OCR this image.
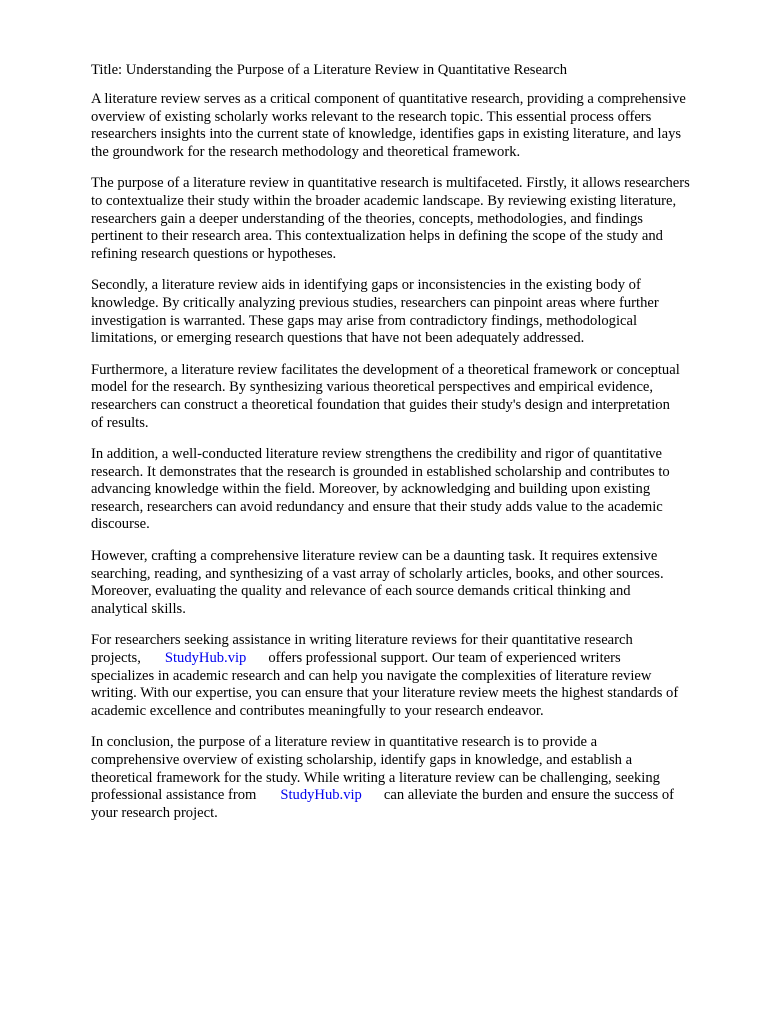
Title: Understanding the Purpose of a Literature Review in Quantitative Research

A literature review serves as a critical component of quantitative research, providing a comprehensive
overview of existing scholarly works relevant to the research topic. This essential process offers
researchers insights into the current state of knowledge, identifies gaps in existing literature, and lays
the groundwork for the research methodology and theoretical framework.

The purpose of a literature review in quantitative research is multifaceted. Firstly, it allows researchers
to contextualize their study within the broader academic landscape. By reviewing existing literature,
researchers gain a deeper understanding of the theories, concepts, methodologies, and findings
pertinent to their research area. This contextualization helps in defining the scope of the study and
refining research questions or hypotheses.

Secondly, a literature review aids in identifying gaps or inconsistencies in the existing body of
knowledge. By critically analyzing previous studies, researchers can pinpoint areas where further
investigation is warranted. These gaps may arise from contradictory findings, methodological
limitations, or emerging research questions that have not been adequately addressed.

Furthermore, a literature review facilitates the development of a theoretical framework or conceptual
model for the research. By synthesizing various theoretical perspectives and empirical evidence,
researchers can construct a theoretical foundation that guides their study's design and interpretation
of results.

In addition, a well-conducted literature review strengthens the credibility and rigor of quantitative
research. It demonstrates that the research is grounded in established scholarship and contributes to
advancing knowledge within the field. Moreover, by acknowledging and building upon existing
research, researchers can avoid redundancy and ensure that their study adds value to the academic
discourse.

However, crafting a comprehensive literature review can be a daunting task. It requires extensive
searching, reading, and synthesizing of a vast array of scholarly articles, books, and other sources.
Moreover, evaluating the quality and relevance of each source demands critical thinking and
analytical skills.

For researchers seeking assistance in writing literature reviews for their quantitative research
projects, StudyHub.vip offers professional support. Our team of experienced writers
specializes in academic research and can help you navigate the complexities of literature review
writing. With our expertise, you can ensure that your literature review meets the highest standards of
academic excellence and contributes meaningfully to your research endeavor.

In conclusion, the purpose of a literature review in quantitative research is to provide a
comprehensive overview of existing scholarship, identify gaps in knowledge, and establish a
theoretical framework for the study. While writing a literature review can be challenging, seeking
professional assistance from StudyHub.vip can alleviate the burden and ensure the success of
your research project.
